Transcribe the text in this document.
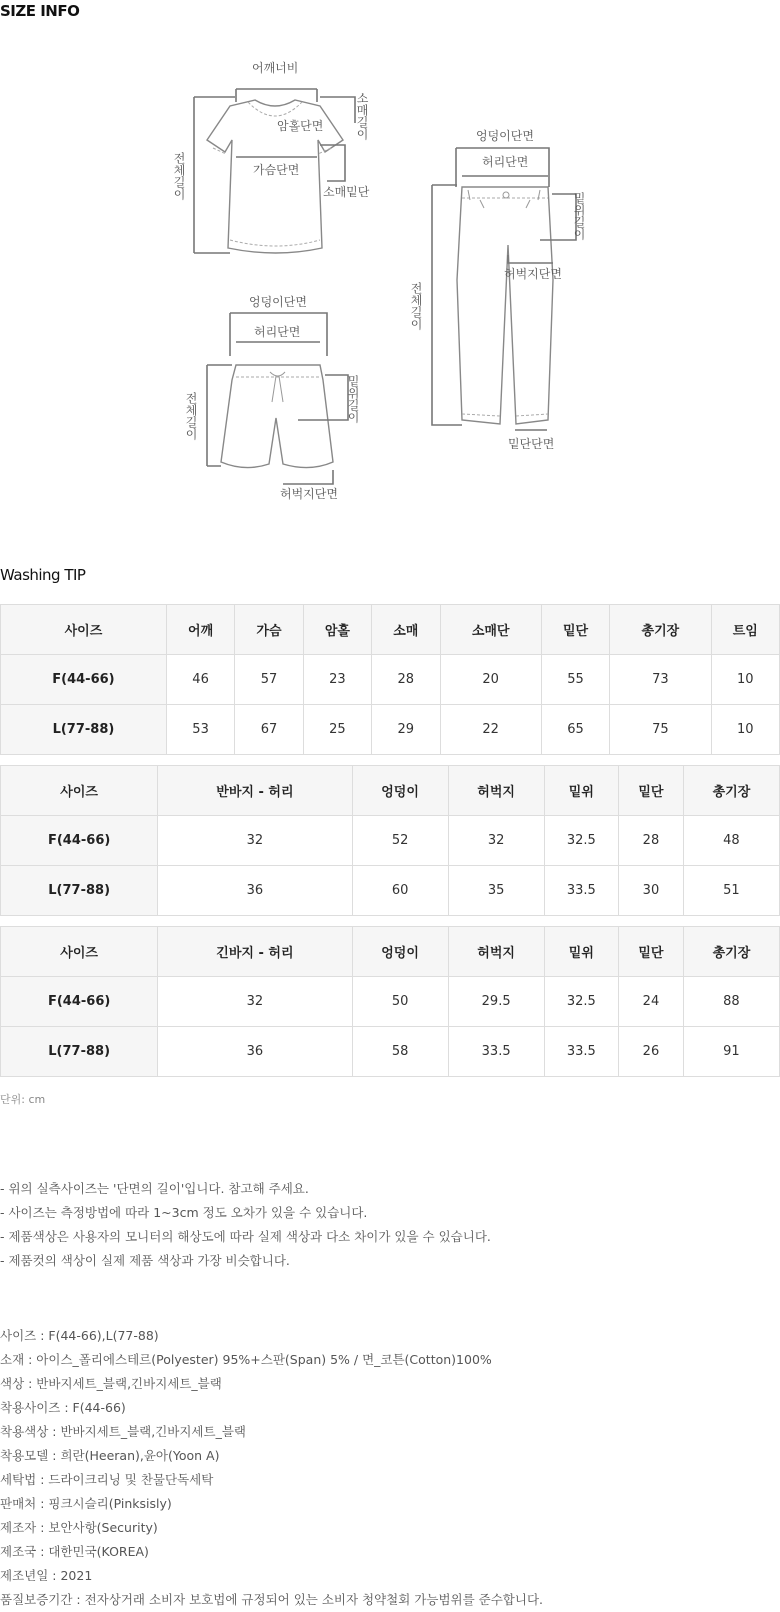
SIZE INFO
어깨너비
암홀단면
가슴단면
소매밑단
소매길이
전체길이
엉덩이단면
허리단면
밑위길이
허벅지단면
전체길이
밑단단면
엉덩이단면
허리단면
밑위길이
전체길이
허벅지단면
Washing TIP
사이즈	어깨	가슴	암홀	소매	소매단	밑단	총기장	트임
F(44-66)	46	57	23	28	20	55	73	10
L(77-88)	53	67	25	29	22	65	75	10
사이즈	반바지 - 허리	엉덩이	허벅지	밑위	밑단	총기장
F(44-66)	32	52	32	32.5	28	48
L(77-88)	36	60	35	33.5	30	51
사이즈	긴바지 - 허리	엉덩이	허벅지	밑위	밑단	총기장
F(44-66)	32	50	29.5	32.5	24	88
L(77-88)	36	58	33.5	33.5	26	91
단위: cm
- 위의 실측사이즈는 '단면의 길이'입니다. 참고해 주세요.
- 사이즈는 측정방법에 따라 1~3cm 정도 오차가 있을 수 있습니다.
- 제품색상은 사용자의 모니터의 해상도에 따라 실제 색상과 다소 차이가 있을 수 있습니다.
- 제품컷의 색상이 실제 제품 색상과 가장 비슷합니다.
사이즈 : F(44-66),L(77-88)
소재 : 아이스_폴리에스테르(Polyester) 95%+스판(Span) 5% / 면_코튼(Cotton)100%
색상 : 반바지세트_블랙,긴바지세트_블랙
착용사이즈 : F(44-66)
착용색상 : 반바지세트_블랙,긴바지세트_블랙
착용모델 : 희란(Heeran),윤아(Yoon A)
세탁법 : 드라이크리닝 및 찬물단독세탁
판매처 : 핑크시슬리(Pinksisly)
제조자 : 보안사항(Security)
제조국 : 대한민국(KOREA)
제조년일 : 2021
품질보증기간 : 전자상거래 소비자 보호법에 규정되어 있는 소비자 청약철회 가능범위를 준수합니다.
